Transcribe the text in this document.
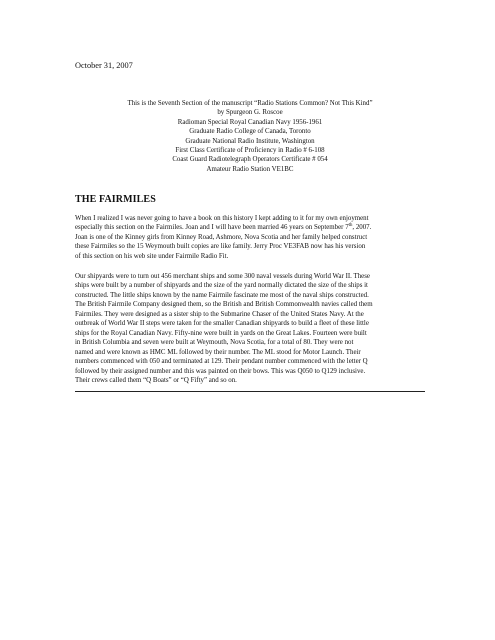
October 31, 2007
This is the Seventh Section of the manuscript “Radio Stations Common? Not This Kind”
by Spurgeon G. Roscoe
Radioman Special Royal Canadian Navy 1956-1961
Graduate Radio College of Canada, Toronto
Graduate National Radio Institute, Washington
First Class Certificate of Proficiency in Radio # 6-108
Coast Guard Radiotelegraph Operators Certificate # 054
Amateur Radio Station VE1BC
THE FAIRMILES
When I realized I was never going to have a book on this history I kept adding to it for my own enjoyment
especially this section on the Fairmiles. Joan and I will have been married 46 years on September 7th, 2007.
Joan is one of the Kinney girls from Kinney Road, Ashmore, Nova Scotia and her family helped construct
these Fairmiles so the 15 Weymouth built copies are like family. Jerry Proc VE3FAB now has his version
of this section on his web site under Fairmile Radio Fit.
Our shipyards were to turn out 456 merchant ships and some 300 naval vessels during World War II. These
ships were built by a number of shipyards and the size of the yard normally dictated the size of the ships it
constructed. The little ships known by the name Fairmile fascinate me most of the naval ships constructed.
The British Fairmile Company designed them, so the British and British Commonwealth navies called them
Fairmiles. They were designed as a sister ship to the Submarine Chaser of the United States Navy. At the
outbreak of World War II steps were taken for the smaller Canadian shipyards to build a fleet of these little
ships for the Royal Canadian Navy. Fifty-nine were built in yards on the Great Lakes. Fourteen were built
in British Columbia and seven were built at Weymouth, Nova Scotia, for a total of 80. They were not
named and were known as HMC ML followed by their number. The ML stood for Motor Launch. Their
numbers commenced with 050 and terminated at 129. Their pendant number commenced with the letter Q
followed by their assigned number and this was painted on their bows. This was Q050 to Q129 inclusive.
Their crews called them “Q Boats” or “Q Fifty” and so on.
